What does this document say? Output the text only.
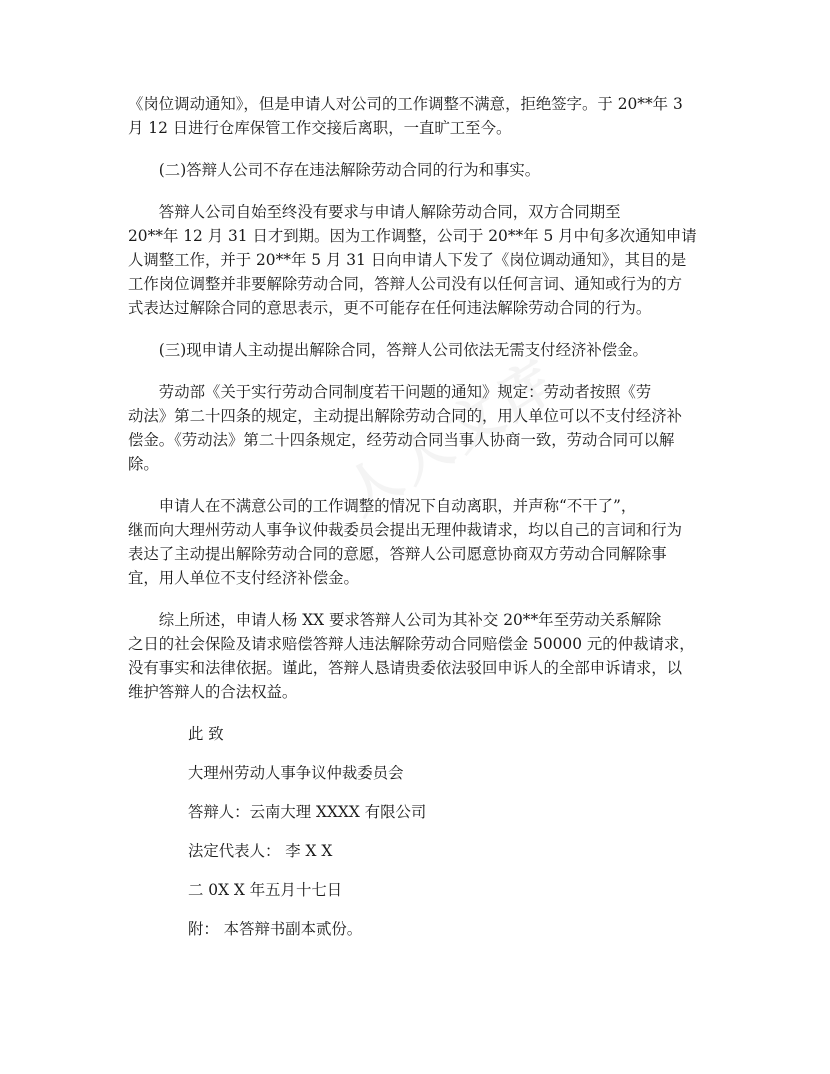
《岗位调动通知》，但是申请人对公司的工作调整不满意，拒绝签字。于 20**年 3
月 12 日进行仓库保管工作交接后离职，一直旷工至今。

(二)答辩人公司不存在违法解除劳动合同的行为和事实。

答辩人公司自始至终没有要求与申请人解除劳动合同，双方合同期至
20**年 12 月 31 日才到期。因为工作调整，公司于 20**年 5 月中旬多次通知申请
人调整工作，并于 20**年 5 月 31 日向申请人下发了《岗位调动通知》，其目的是
工作岗位调整并非要解除劳动合同，答辩人公司没有以任何言词、通知或行为的方
式表达过解除合同的意思表示，更不可能存在任何违法解除劳动合同的行为。

(三)现申请人主动提出解除合同，答辩人公司依法无需支付经济补偿金。

劳动部《关于实行劳动合同制度若干问题的通知》规定：劳动者按照《劳
动法》第二十四条的规定，主动提出解除劳动合同的，用人单位可以不支付经济补
偿金。《劳动法》第二十四条规定，经劳动合同当事人协商一致，劳动合同可以解
除。

申请人在不满意公司的工作调整的情况下自动离职，并声称“不干了”，
继而向大理州劳动人事争议仲裁委员会提出无理仲裁请求，均以自己的言词和行为
表达了主动提出解除劳动合同的意愿，答辩人公司愿意协商双方劳动合同解除事
宜，用人单位不支付经济补偿金。

综上所述，申请人杨 XX 要求答辩人公司为其补交 20**年至劳动关系解除
之日的社会保险及请求赔偿答辩人违法解除劳动合同赔偿金 50000 元的仲裁请求，
没有事实和法律依据。谨此，答辩人恳请贵委依法驳回申诉人的全部申诉请求，以
维护答辩人的合法权益。

此 致
大理州劳动人事争议仲裁委员会
答辩人：云南大理 XXXX 有限公司
法定代表人： 李 X X
二 0X X 年五月十七日
附： 本答辩书副本贰份。
